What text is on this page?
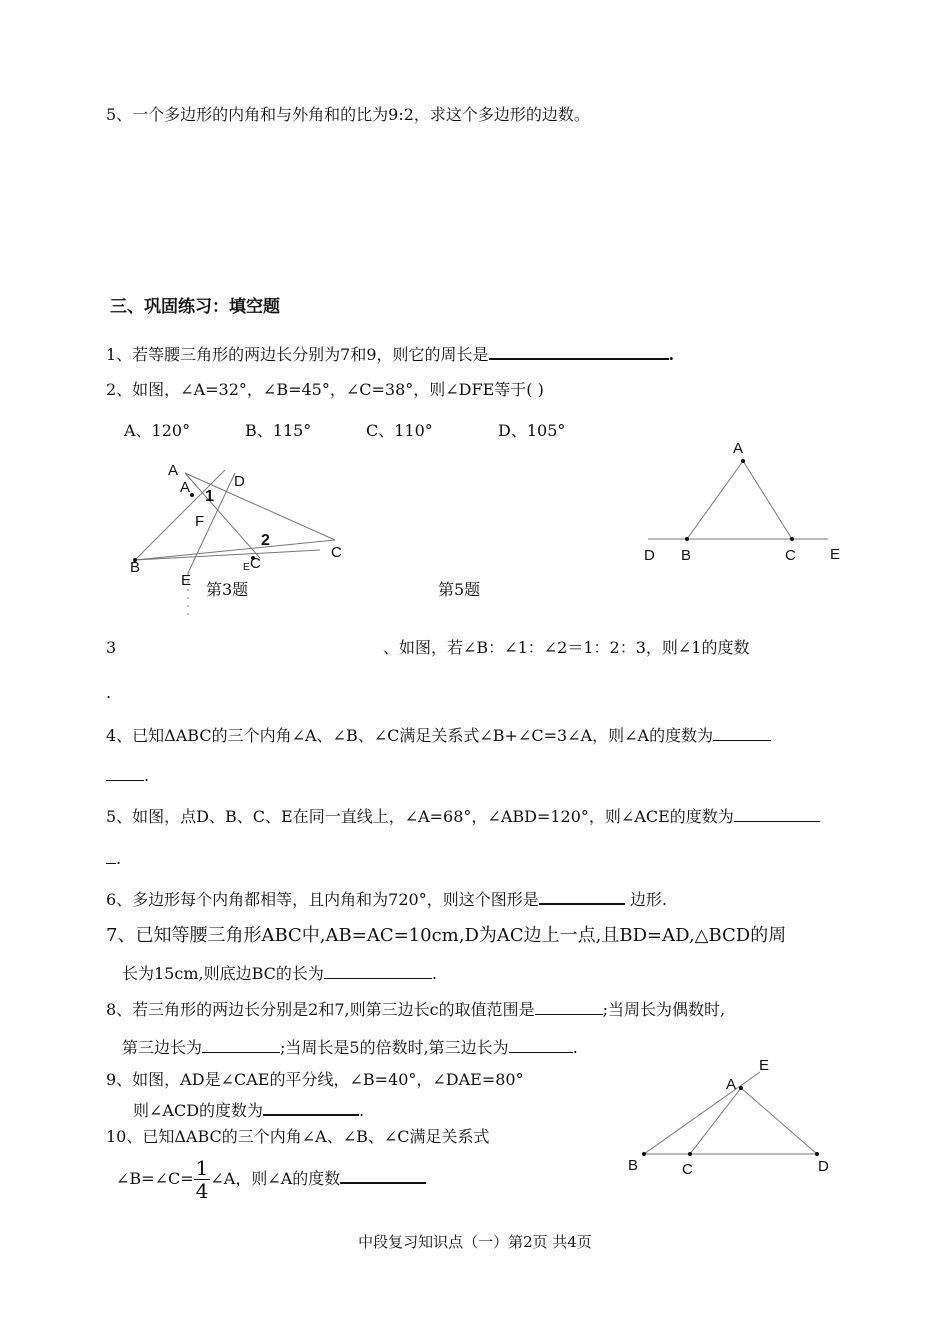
5、一个多边形的内角和与外角和的比为9:2，求这个多边形的边数。
三、巩固练习：填空题
1、若等腰三角形的两边长分别为7和9，则它的周长是	.
2、如图，∠A=32°，∠B=45°，∠C=38°，则∠DFE等于( )
A、120°	B、115°	C、110°	D、105°
A
A	D
1
F
2
B	E C
C
E 第3题	第5题
A
D B	C E
3	、如图，若∠B：∠1：∠2＝1：2：3，则∠1的度数
.
4、已知ΔABC的三个内角∠A、∠B、∠C满足关系式∠B+∠C=3∠A，则∠A的度数为
.
5、如图，点D、B、C、E在同一直线上，∠A=68°，∠ABD=120°，则∠ACE的度数为
.
6、多边形每个内角都相等，且内角和为720°，则这个图形是	边形.
7、已知等腰三角形ABC中,AB=AC=10cm,D为AC边上一点,且BD=AD,△BCD的周
长为15cm,则底边BC的长为	.
8、若三角形的两边长分别是2和7,则第三边长c的取值范围是	;当周长为偶数时,
第三边长为	;当周长是5的倍数时,第三边长为	.
9、如图，AD是∠CAE的平分线，∠B=40°，∠DAE=80°
则∠ACD的度数为	.
E
A
B	C	D
10、已知ΔABC的三个内角∠A、∠B、∠C满足关系式
∠B=∠C= $\frac{1}{4}$ ∠A，则∠A的度数
中段复习知识点（一）第2页 共4页
